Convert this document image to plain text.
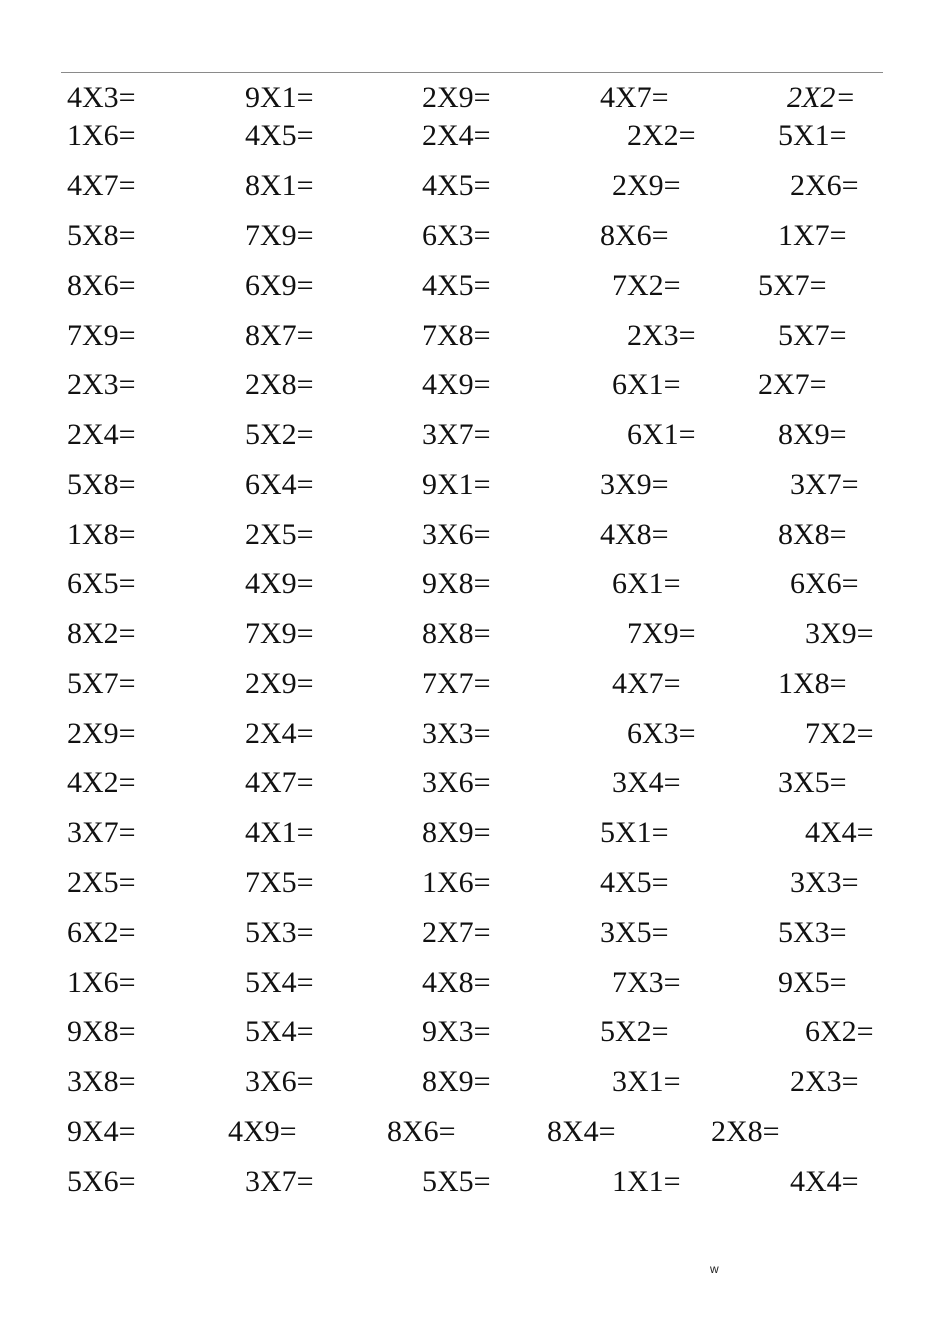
4X3=	9X1=	2X9=	4X7=	2X2=
1X6=	4X5=	2X4=	2X2=	5X1=
4X7=	8X1=	4X5=	2X9=	2X6=
5X8=	7X9=	6X3=	8X6=	1X7=
8X6=	6X9=	4X5=	7X2=	5X7=
7X9=	8X7=	7X8=	2X3=	5X7=
2X3=	2X8=	4X9=	6X1=	2X7=
2X4=	5X2=	3X7=	6X1=	8X9=
5X8=	6X4=	9X1=	3X9=	3X7=
1X8=	2X5=	3X6=	4X8=	8X8=
6X5=	4X9=	9X8=	6X1=	6X6=
8X2=	7X9=	8X8=	7X9=	3X9=
5X7=	2X9=	7X7=	4X7=	1X8=
2X9=	2X4=	3X3=	6X3=	7X2=
4X2=	4X7=	3X6=	3X4=	3X5=
3X7=	4X1=	8X9=	5X1=	4X4=
2X5=	7X5=	1X6=	4X5=	3X3=
6X2=	5X3=	2X7=	3X5=	5X3=
1X6=	5X4=	4X8=	7X3=	9X5=
9X8=	5X4=	9X3=	5X2=	6X2=
3X8=	3X6=	8X9=	3X1=	2X3=
9X4=	4X9=	8X6=	8X4=	2X8=
5X6=	3X7=	5X5=	1X1=	4X4=
w
